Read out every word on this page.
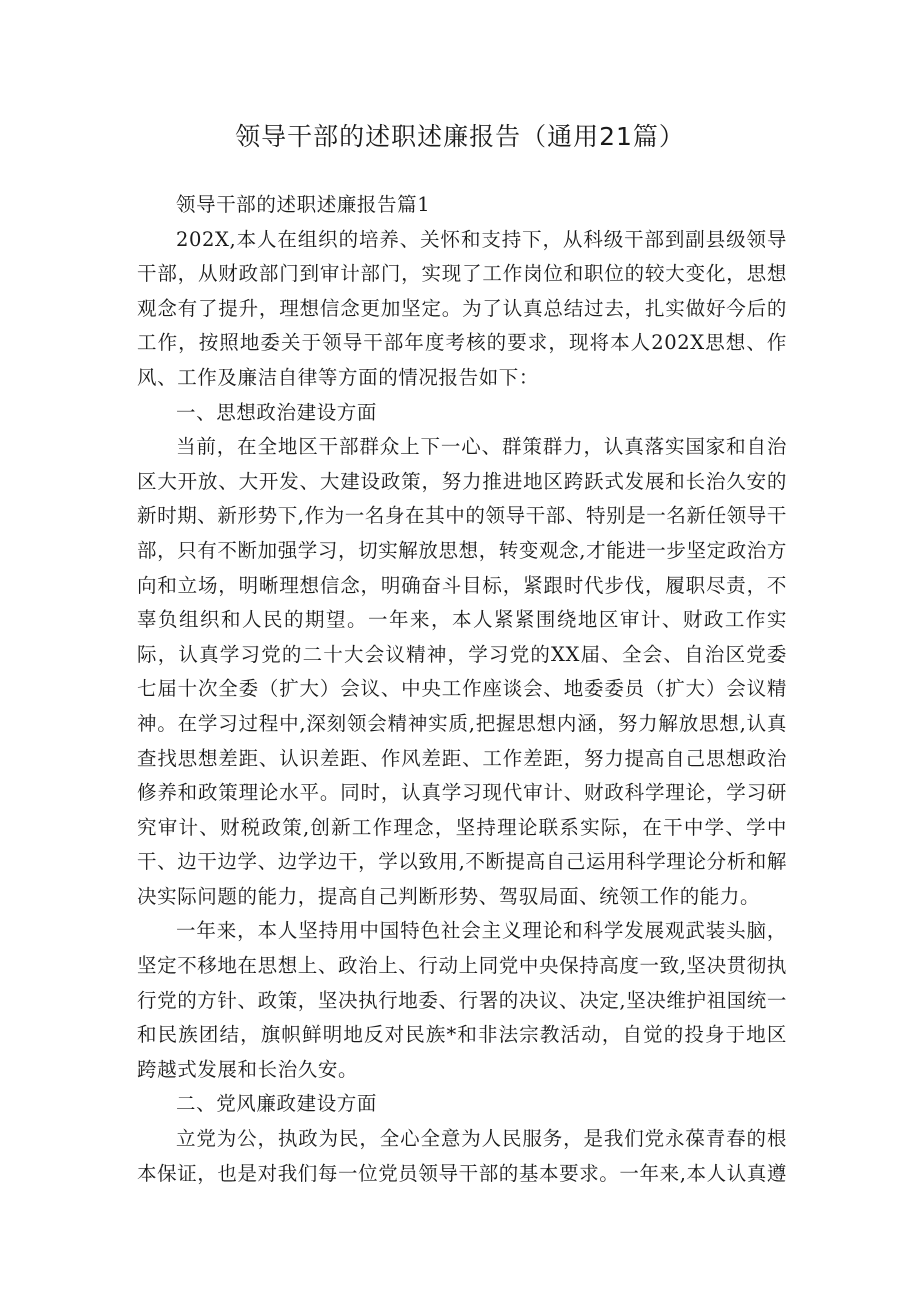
领导干部的述职述廉报告（通用21篇）

领导干部的述职述廉报告篇1

202X,本人在组织的培养、关怀和支持下，从科级干部到副县级领导干部，从财政部门到审计部门，实现了工作岗位和职位的较大变化，思想观念有了提升，理想信念更加坚定。为了认真总结过去，扎实做好今后的工作，按照地委关于领导干部年度考核的要求，现将本人202X思想、作风、工作及廉洁自律等方面的情况报告如下：

一、思想政治建设方面

当前，在全地区干部群众上下一心、群策群力，认真落实国家和自治区大开放、大开发、大建设政策，努力推进地区跨跃式发展和长治久安的新时期、新形势下,作为一名身在其中的领导干部、特别是一名新任领导干部，只有不断加强学习，切实解放思想，转变观念,才能进一步坚定政治方向和立场，明晰理想信念，明确奋斗目标，紧跟时代步伐，履职尽责，不辜负组织和人民的期望。一年来，本人紧紧围绕地区审计、财政工作实际，认真学习党的二十大会议精神，学习党的XX届、全会、自治区党委七届十次全委（扩大）会议、中央工作座谈会、地委委员（扩大）会议精神。在学习过程中,深刻领会精神实质,把握思想内涵，努力解放思想,认真查找思想差距、认识差距、作风差距、工作差距，努力提高自己思想政治修养和政策理论水平。同时，认真学习现代审计、财政科学理论，学习研究审计、财税政策,创新工作理念，坚持理论联系实际，在干中学、学中干、边干边学、边学边干，学以致用,不断提高自己运用科学理论分析和解决实际问题的能力，提高自己判断形势、驾驭局面、统领工作的能力。

一年来，本人坚持用中国特色社会主义理论和科学发展观武装头脑，坚定不移地在思想上、政治上、行动上同党中央保持高度一致,坚决贯彻执行党的方针、政策，坚决执行地委、行署的决议、决定,坚决维护祖国统一和民族团结，旗帜鲜明地反对民族*和非法宗教活动，自觉的投身于地区跨越式发展和长治久安。

二、党风廉政建设方面

立党为公，执政为民，全心全意为人民服务，是我们党永葆青春的根本保证，也是对我们每一位党员领导干部的基本要求。一年来,本人认真遵
